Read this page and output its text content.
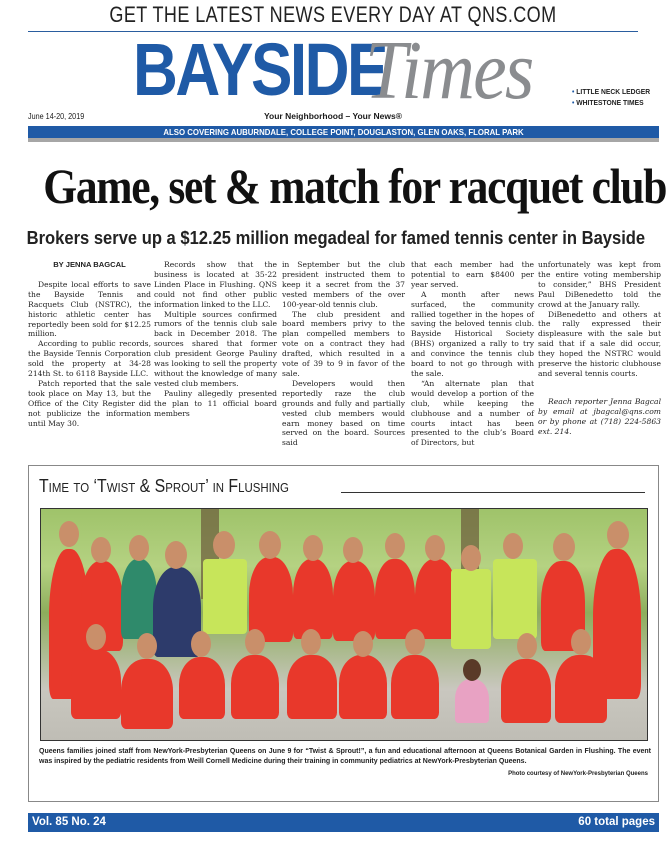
GET THE LATEST NEWS EVERY DAY AT QNS.COM
BAYSIDE
Times	• LITTLE NECK LEDGER
• WHITESTONE TIMES
June 14-20, 2019	Your Neighborhood – Your News®
ALSO COVERING AUBURNDALE, COLLEGE POINT, DOUGLASTON, GLEN OAKS, FLORAL PARK
Game, set & match for racquet club
Brokers serve up a $12.25 million megadeal for famed tennis center in Bayside

BY JENNA BAGCAL

Despite local efforts to save the Bayside Tennis and Racquets Club (NSTRC), the historic athletic center has reportedly been sold for $12.25 million.

According to public records, the Bayside Tennis Corporation sold the property at 34-28 214th St. to 6118 Bayside LLC.

Patch reported that the sale took place on May 13, but the Office of the City Register did not publicize the information until May 30.

Records show that the business is located at 35-22 Linden Place in Flushing. QNS could not find other public information linked to the LLC.

Multiple sources confirmed rumors of the tennis club sale back in December 2018. The sources shared that former club president George Pauliny was looking to sell the property without the knowledge of many vested club members.

Pauliny allegedly presented the plan to 11 official board members

in September but the club president instructed them to keep it a secret from the 37 vested members of the over 100-year-old tennis club.

The club president and board members privy to the plan compelled members to vote on a contract they had drafted, which resulted in a vote of 39 to 9 in favor of the sale.

Developers would then reportedly raze the club grounds and fully and partially vested club members would earn money based on time served on the board. Sources said

that each member had the potential to earn $8400 per year served.

A month after news surfaced, the community rallied together in the hopes of saving the beloved tennis club. Bayside Historical Society (BHS) organized a rally to try and convince the tennis club board to not go through with the sale.

“An alternate plan that would develop a portion of the club, while keeping the clubhouse and a number of courts intact has been presented to the club’s Board of Directors, but

unfortunately was kept from the entire voting membership to consider,” BHS President Paul DiBenedetto told the crowd at the January rally.

DiBenedetto and others at the rally expressed their displeasure with the sale but said that if a sale did occur, they hoped the NSTRC would preserve the historic clubhouse and several tennis courts.

Reach reporter Jenna Bagcal by email at jbagcal@qns.com or by phone at (718) 224-5863 ext. 214.

Time to ‘Twist & Sprout’ in Flushing
Queens families joined staff from NewYork-Presbyterian Queens on June 9 for “Twist & Sprout!”, a fun and educational afternoon at Queens Botanical Garden in Flushing. The event was inspired by the pediatric residents from Weill Cornell Medicine during their training in community pediatrics at NewYork-Presbyterian Queens.
Photo courtesy of NewYork-Presbyterian Queens
Vol. 85 No. 24	60 total pages
